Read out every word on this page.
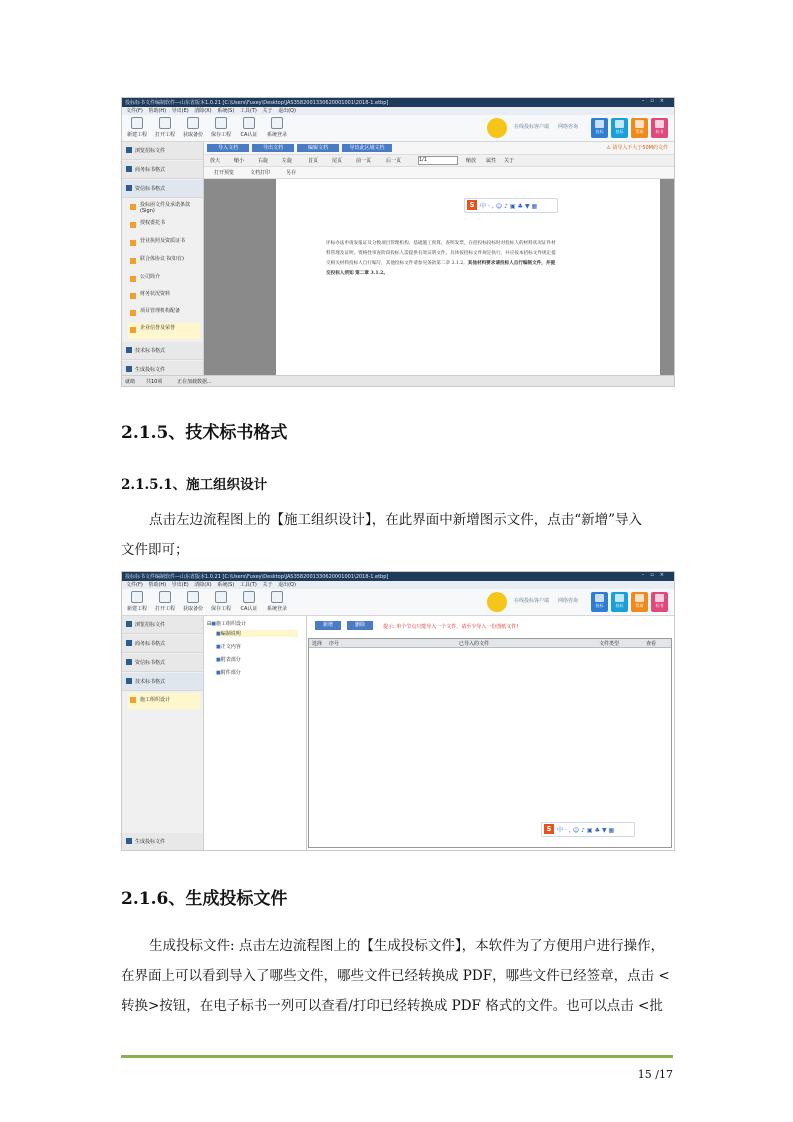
投标标书文件编制软件—山东省版本1.0.21 [C:\Users\Fuxey\Desktop\JAS3582001330620001001\2018-1.etbp]	–▫×
文件(F) 帮助(H) 导出(E) 清除(X) 系统(S) 工具(T) 关于 退出(Q)
新建工程	打开工程	获取备份	保存工程	CA认证	系统登录
在线投标客户端 网络咨询
投标	投标	帮助	标书
浏览招标文件
商务标书格式
资信标书格式
投标函文件及承诺条款(Sign)
授权委托书
营业执照及资质证书
联合体协议书(如有)
公司简介
财务状况资料
项目管理机构配备
企业信誉及荣誉
技术标书格式
生成投标文件
导入文档	导出文档	编辑文档	导出此区域文档	⚠ 请导入不大于50M的文件
放大	缩小	右旋	左旋	首页	尾页	前一页	后一页	1/1	缩放 属性 关于
打开预览	文档打印	另存
评标办法申请发报证及分数项目管理机构、基础施工预算、查明发票，在招投标投标时对投标人的材料状况证件材料管理及证明，资格性审查阶段投标人需提供有效证明文件。具体按招标文件规定执行，并应按本招标文件规定提交相关材料投标人自行编写，其他投标文件请参见条款第二章 3.1.2。其他材料要求请投标人自行编制文件，并提交投标人须知 第二章 3.1.2。
S 中·,☺♪▣♣▼▦
就绪 共10项	正在加载数据...
2.1.5、技术标书格式
2.1.5.1、施工组织设计

点击左边流程图上的【施工组织设计】，在此界面中新增图示文件，点击“新增”导入

文件即可；

投标标书文件编制软件—山东省版本1.0.21 [C:\Users\Fuxey\Desktop\JAS3582001330620001001\2018-1.etbp]	–▫×
文件(F) 帮助(H) 导出(E) 清除(X) 系统(S) 工具(T) 关于 退出(Q)
新建工程	打开工程	获取备份	保存工程	CA认证	系统登录
在线投标客户端 网络咨询
投标	投标	帮助	标书
浏览招标文件
商务标书格式
资信标书格式
技术标书格式
施工组织设计
生成投标文件
⊟■施工组织设计
■编制说明
■正文内容
■附表部分
■附件部分
新增	删除	提示: 单个节点只能导入一个文件，请至少导入一份图纸文件!
选择 序号	已导入的文件	文件类型	查看
S 中·,☺♪▣♣▼▦
2.1.6、生成投标文件

生成投标文件: 点击左边流程图上的【生成投标文件】，本软件为了方便用户进行操作，

在界面上可以看到导入了哪些文件，哪些文件已经转换成 PDF，哪些文件已经签章，点击 <

转换>按钮，在电子标书一列可以查看/打印已经转换成 PDF 格式的文件。也可以点击 <批

15 /17
